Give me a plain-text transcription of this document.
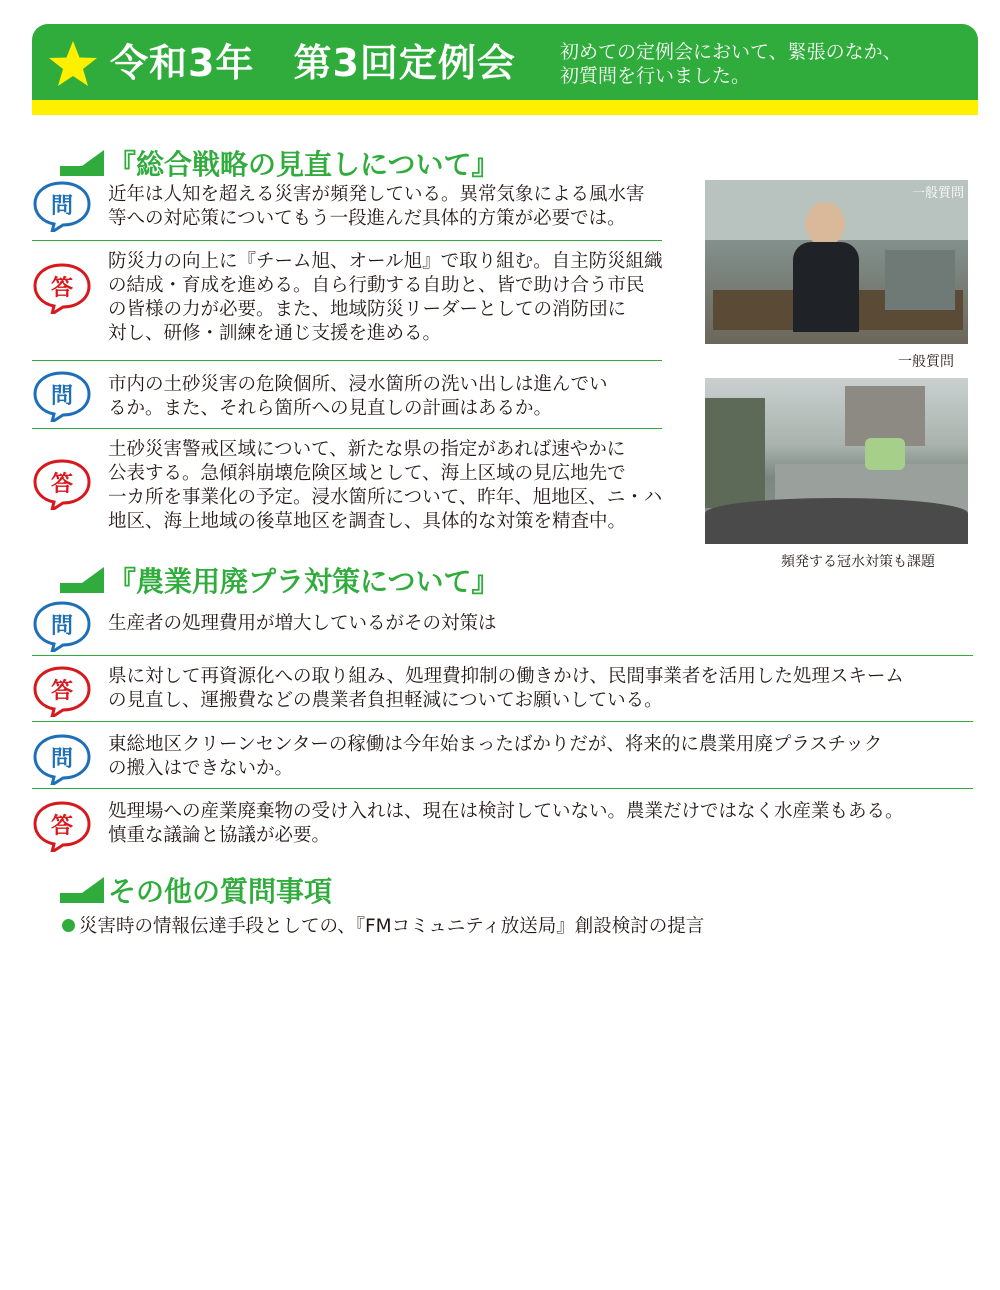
令和3年　第3回定例会 初めての定例会において、緊張のなか、
初質問を行いました。
『総合戦略の見直しについて』
問 近年は人知を超える災害が頻発している。異常気象による風水害
等への対応策についてもう一段進んだ具体的方策が必要では。
答
防災力の向上に『チーム旭、オール旭』で取り組む。自主防災組織
の結成・育成を進める。自ら行動する自助と、皆で助け合う市民
の皆様の力が必要。また、地域防災リーダーとしての消防団に
対し、研修・訓練を通じ支援を進める。
問 市内の土砂災害の危険個所、浸水箇所の洗い出しは進んでい
るか。また、それら箇所への見直しの計画はあるか。
答
土砂災害警戒区域について、新たな県の指定があれば速やかに
公表する。急傾斜崩壊危険区域として、海上区域の見広地先で
一カ所を事業化の予定。浸水箇所について、昨年、旭地区、ニ・ハ
地区、海上地域の後草地区を調査し、具体的な対策を精査中。
一般質問
一般質問
頻発する冠水対策も課題
『農業用廃プラ対策について』
問 生産者の処理費用が増大しているがその対策は
答
県に対して再資源化への取り組み、処理費抑制の働きかけ、民間事業者を活用した処理スキーム
の見直し、運搬費などの農業者負担軽減についてお願いしている。
問
東総地区クリーンセンターの稼働は今年始まったばかりだが、将来的に農業用廃プラスチック
の搬入はできないか。
答
処理場への産業廃棄物の受け入れは、現在は検討していない。農業だけではなく水産業もある。
慎重な議論と協議が必要。
その他の質問事項
災害時の情報伝達手段としての、『FMコミュニティ放送局』創設検討の提言
